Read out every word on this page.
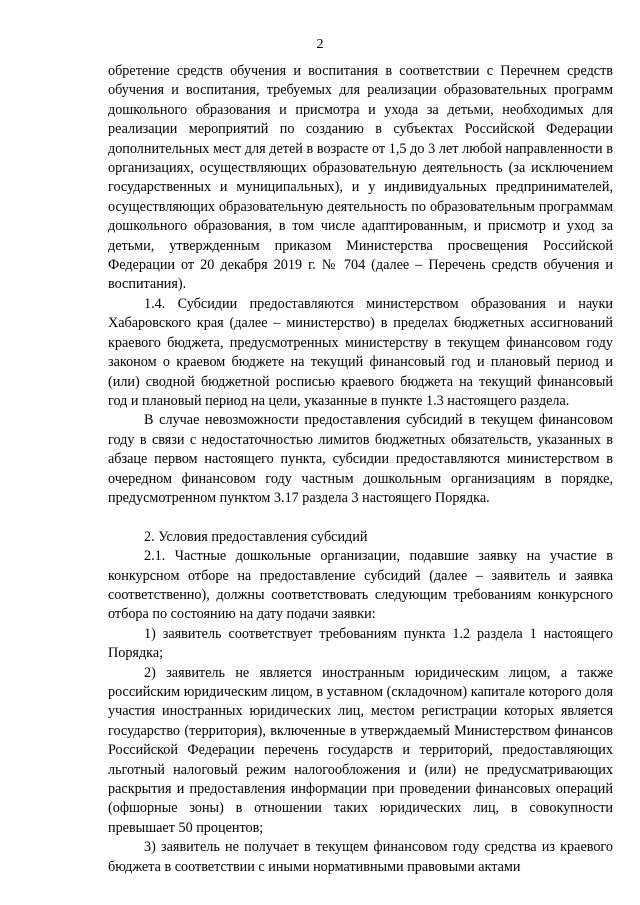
2

обретение средств обучения и воспитания в соответствии с Перечнем средств обучения и воспитания, требуемых для реализации образовательных программ дошкольного образования и присмотра и ухода за детьми, необходимых для реализации мероприятий по созданию в субъектах Российской Федерации дополнительных мест для детей в возрасте от 1,5 до 3 лет любой направленности в организациях, осуществляющих образовательную деятельность (за исключением государственных и муниципальных), и у индивидуальных предпринимателей, осуществляющих образовательную деятельность по образовательным программам дошкольного образования, в том числе адаптированным, и присмотр и уход за детьми, утвержденным приказом Министерства просвещения Российской Федерации от 20 декабря 2019 г. № 704 (далее – Перечень средств обучения и воспитания).

1.4. Субсидии предоставляются министерством образования и науки Хабаровского края (далее – министерство) в пределах бюджетных ассигнований краевого бюджета, предусмотренных министерству в текущем финансовом году законом о краевом бюджете на текущий финансовый год и плановый период и (или) сводной бюджетной росписью краевого бюджета на текущий финансовый год и плановый период на цели, указанные в пункте 1.3 настоящего раздела.

В случае невозможности предоставления субсидий в текущем финансовом году в связи с недостаточностью лимитов бюджетных обязательств, указанных в абзаце первом настоящего пункта, субсидии предоставляются министерством в очередном финансовом году частным дошкольным организациям в порядке, предусмотренном пунктом 3.17 раздела 3 настоящего Порядка.

2. Условия предоставления субсидий

2.1. Частные дошкольные организации, подавшие заявку на участие в конкурсном отборе на предоставление субсидий (далее – заявитель и заявка соответственно), должны соответствовать следующим требованиям конкурсного отбора по состоянию на дату подачи заявки:

1) заявитель соответствует требованиям пункта 1.2 раздела 1 настоящего Порядка;

2) заявитель не является иностранным юридическим лицом, а также российским юридическим лицом, в уставном (складочном) капитале которого доля участия иностранных юридических лиц, местом регистрации которых является государство (территория), включенные в утверждаемый Министерством финансов Российской Федерации перечень государств и территорий, предоставляющих льготный налоговый режим налогообложения и (или) не предусматривающих раскрытия и предоставления информации при проведении финансовых операций (офшорные зоны) в отношении таких юридических лиц, в совокупности превышает 50 процентов;

3) заявитель не получает в текущем финансовом году средства из краевого бюджета в соответствии с иными нормативными правовыми актами
